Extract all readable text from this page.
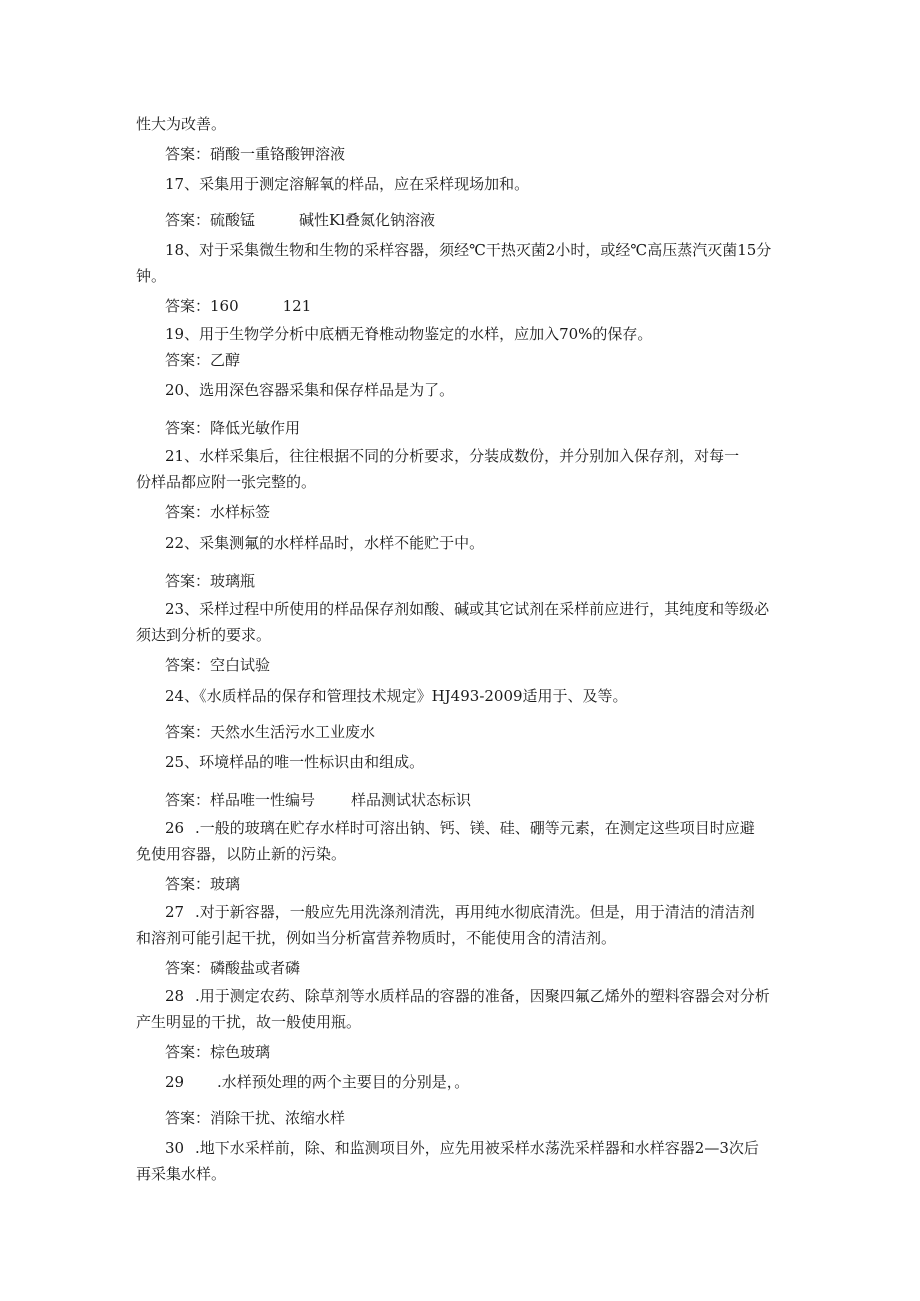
性大为改善。
答案：硝酸一重铬酸钾溶液
17、采集用于测定溶解氧的样品，应在采样现场加和。
答案：硫酸锰	碱性Kl叠氮化钠溶液
18、对于采集微生物和生物的采样容器，须经℃干热灭菌2小时，或经℃高压蒸汽灭菌15分
钟。
答案：160	121
19、用于生物学分析中底栖无脊椎动物鉴定的水样，应加入70%的保存。
答案：乙醇
20、选用深色容器采集和保存样品是为了。
答案：降低光敏作用
21、水样采集后，往往根据不同的分析要求，分装成数份，并分别加入保存剂，对每一
份样品都应附一张完整的。
答案：水样标签
22、采集测氟的水样样品时，水样不能贮于中。
答案：玻璃瓶
23、采样过程中所使用的样品保存剂如酸、碱或其它试剂在采样前应进行，其纯度和等级必
须达到分析的要求。
答案：空白试验
24、《水质样品的保存和管理技术规定》HJ493-2009适用于、及等。
答案：天然水生活污水工业废水
25、环境样品的唯一性标识由和组成。
答案：样品唯一性编号 样品测试状态标识
26 .一般的玻璃在贮存水样时可溶出钠、钙、镁、硅、硼等元素，在测定这些项目时应避
免使用容器，以防止新的污染。
答案：玻璃
27 .对于新容器，一般应先用洗涤剂清洗，再用纯水彻底清洗。但是，用于清洁的清洁剂
和溶剂可能引起干扰，例如当分析富营养物质时，不能使用含的清洁剂。
答案：磷酸盐或者磷
28 .用于测定农药、除草剂等水质样品的容器的准备，因聚四氟乙烯外的塑料容器会对分析
产生明显的干扰，故一般使用瓶。
答案：棕色玻璃
29 .水样预处理的两个主要目的分别是，。
答案：消除干扰、浓缩水样
30 .地下水采样前，除、和监测项目外，应先用被采样水荡洗采样器和水样容器2—3次后
再采集水样。
